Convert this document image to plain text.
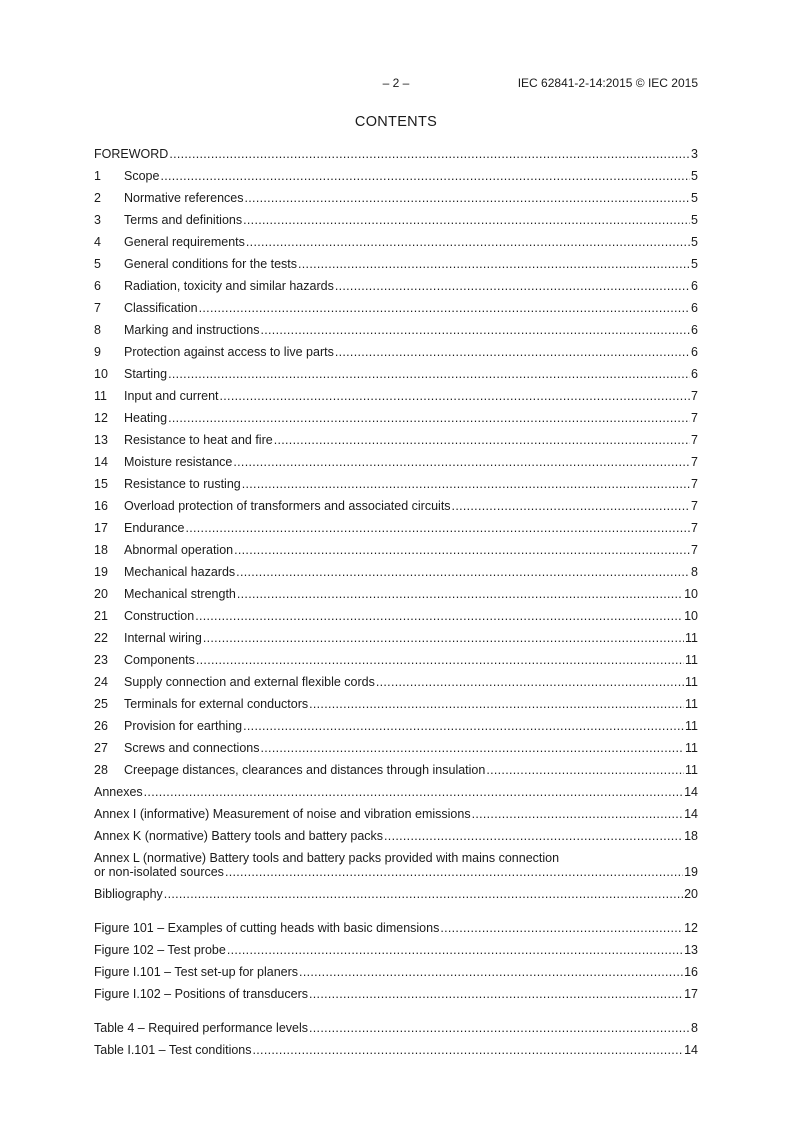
– 2 –	IEC 62841-2-14:2015 © IEC 2015
CONTENTS
FOREWORD .....	3
1	Scope .....	5
2	Normative references .....	5
3	Terms and definitions .....	5
4	General requirements .....	5
5	General conditions for the tests .....	5
6	Radiation, toxicity and similar hazards .....	6
7	Classification .....	6
8	Marking and instructions .....	6
9	Protection against access to live parts .....	6
10	Starting .....	6
11	Input and current .....	7
12	Heating .....	7
13	Resistance to heat and fire .....	7
14	Moisture resistance .....	7
15	Resistance to rusting .....	7
16	Overload protection of transformers and associated circuits .....	7
17	Endurance .....	7
18	Abnormal operation .....	7
19	Mechanical hazards .....	8
20	Mechanical strength .....	10
21	Construction .....	10
22	Internal wiring .....	11
23	Components .....	11
24	Supply connection and external flexible cords .....	11
25	Terminals for external conductors .....	11
26	Provision for earthing .....	11
27	Screws and connections .....	11
28	Creepage distances, clearances and distances through insulation .....	11
Annexes .....	14
Annex I (informative) Measurement of noise and vibration emissions .....	14
Annex K (normative) Battery tools and battery packs .....	18
Annex L (normative) Battery tools and battery packs provided with mains connection
or non-isolated sources .....	19
Bibliography .....	20
Figure 101 – Examples of cutting heads with basic dimensions .....	12
Figure 102 – Test probe .....	13
Figure I.101 – Test set-up for planers .....	16
Figure I.102 – Positions of transducers .....	17
Table 4 – Required performance levels .....	8
Table I.101 – Test conditions .....	14
